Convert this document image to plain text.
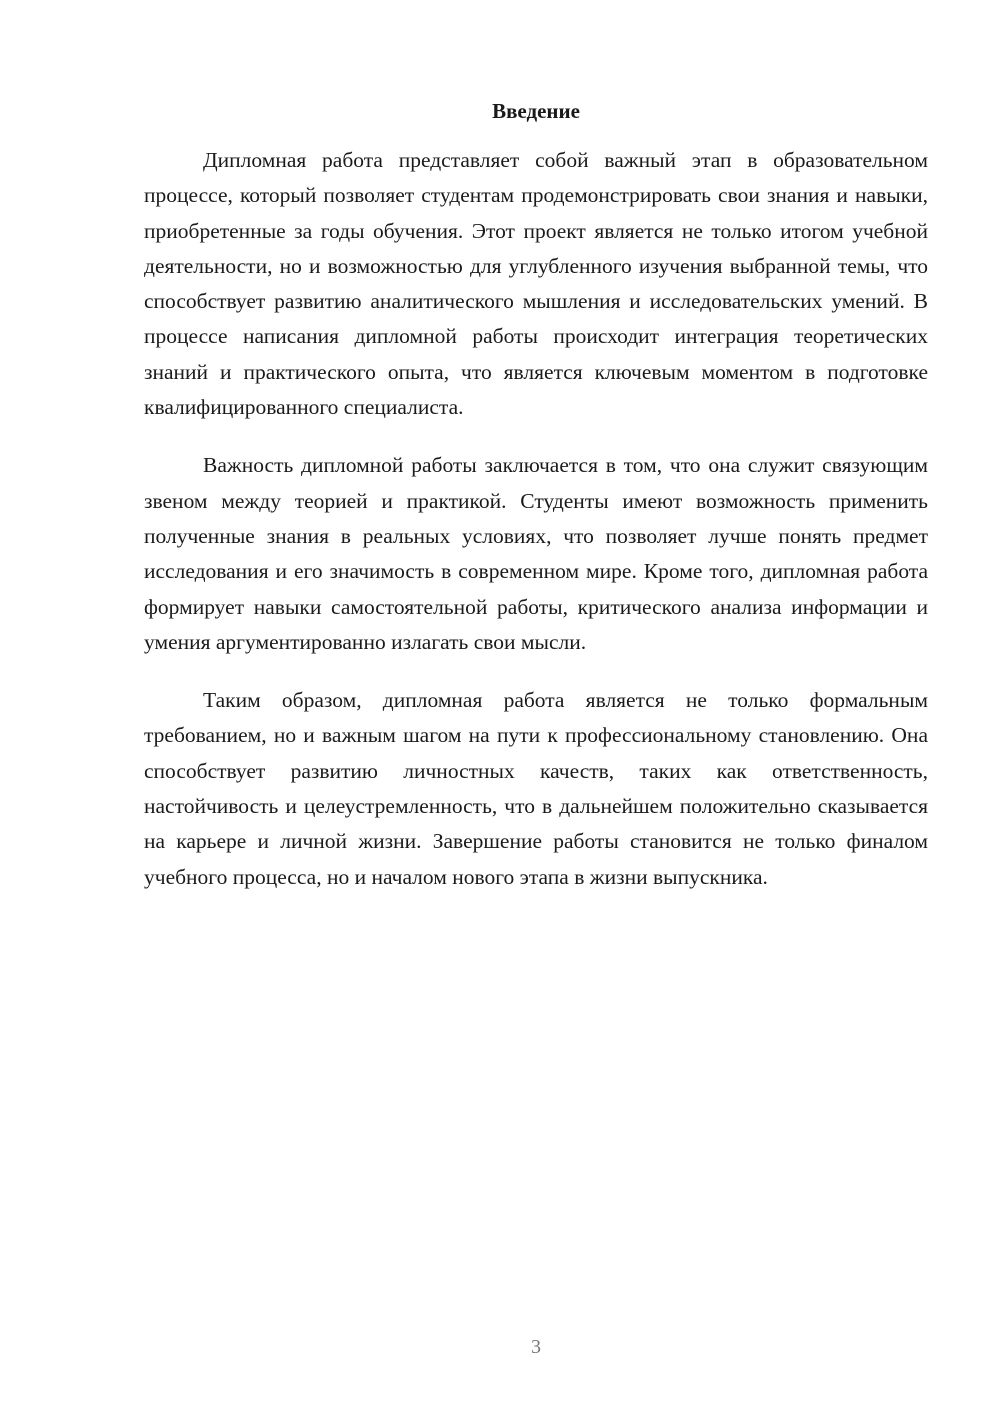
Введение

Дипломная работа представляет собой важный этап в образовательном процессе, который позволяет студентам продемонстрировать свои знания и навыки, приобретенные за годы обучения. Этот проект является не только итогом учебной деятельности, но и возможностью для углубленного изучения выбранной темы, что способствует развитию аналитического мышления и исследовательских умений. В процессе написания дипломной работы происходит интеграция теоретических знаний и практического опыта, что является ключевым моментом в подготовке квалифицированного специалиста.

Важность дипломной работы заключается в том, что она служит связующим звеном между теорией и практикой. Студенты имеют возможность применить полученные знания в реальных условиях, что позволяет лучше понять предмет исследования и его значимость в современном мире. Кроме того, дипломная работа формирует навыки самостоятельной работы, критического анализа информации и умения аргументированно излагать свои мысли.

Таким образом, дипломная работа является не только формальным требованием, но и важным шагом на пути к профессиональному становлению. Она способствует развитию личностных качеств, таких как ответственность, настойчивость и целеустремленность, что в дальнейшем положительно сказывается на карьере и личной жизни. Завершение работы становится не только финалом учебного процесса, но и началом нового этапа в жизни выпускника.

3
